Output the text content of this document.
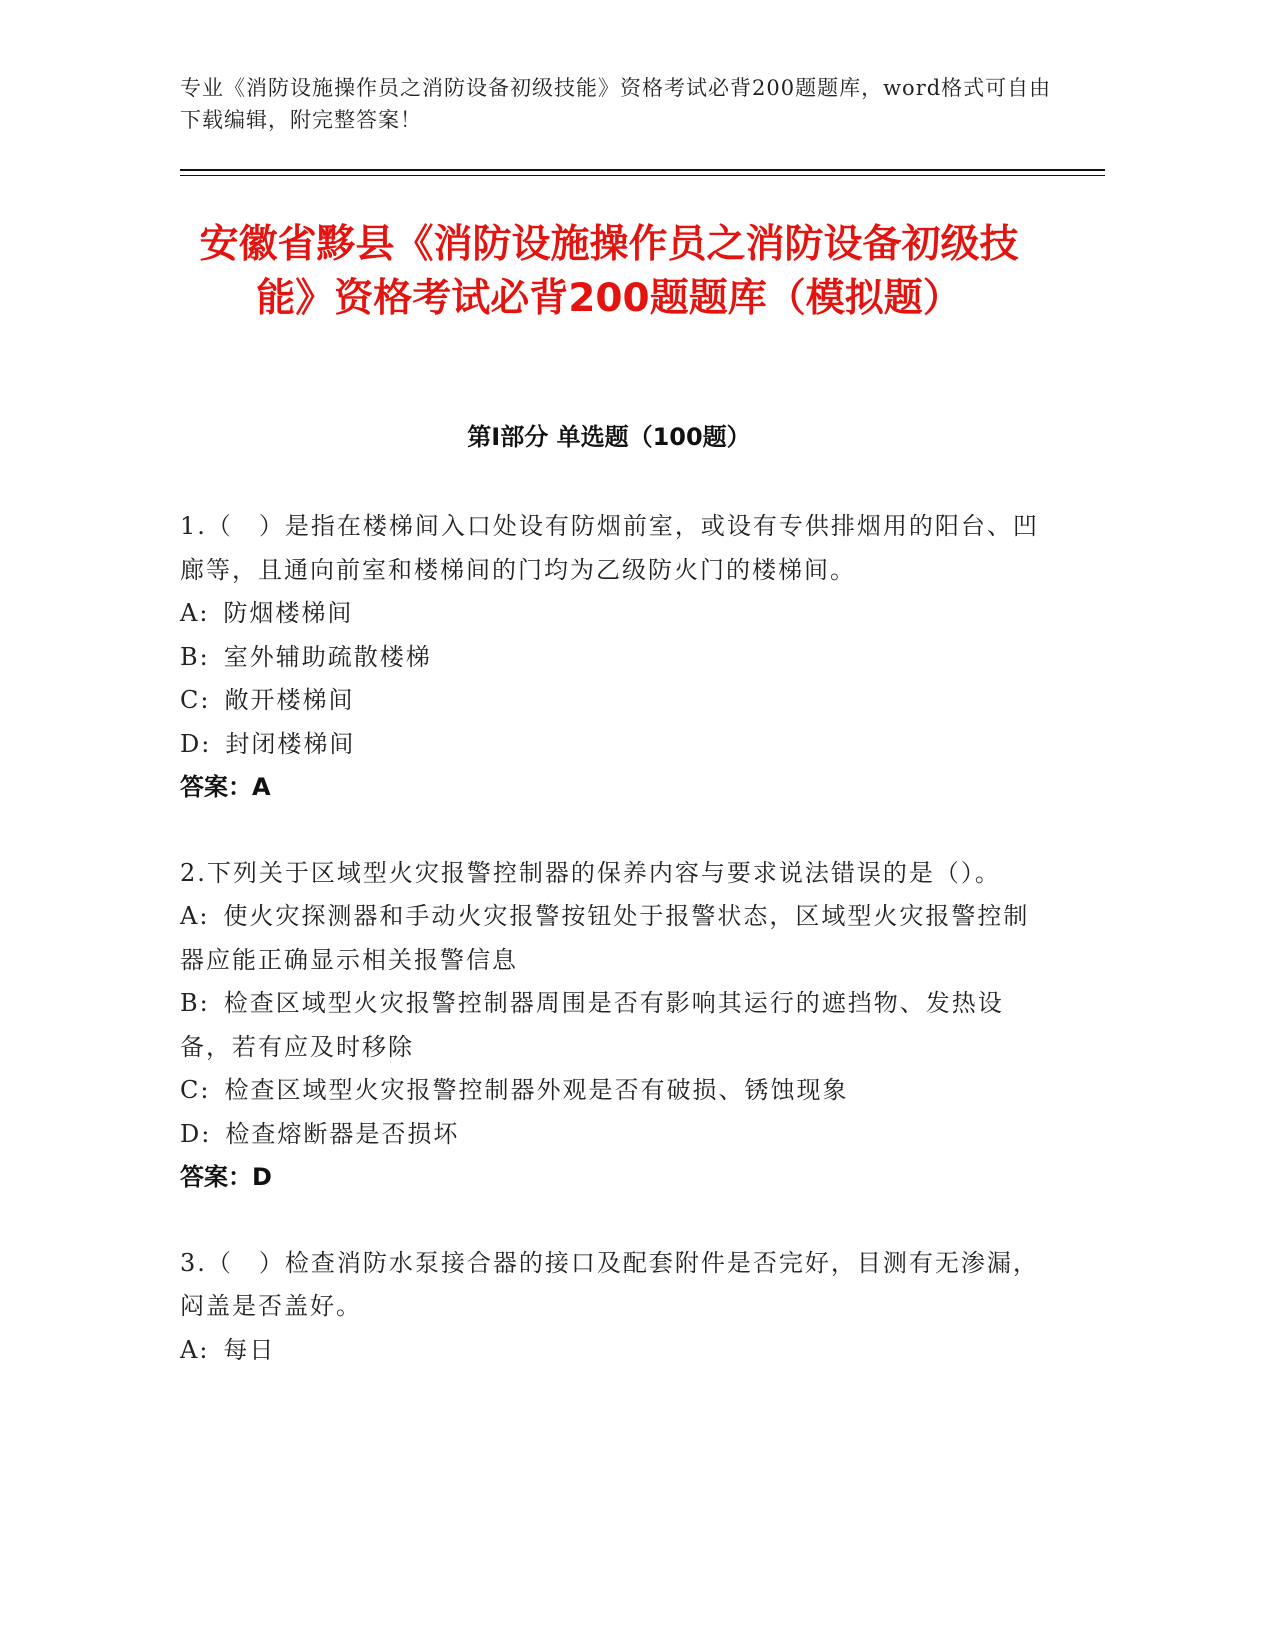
专业《消防设施操作员之消防设备初级技能》资格考试必背200题题库，word格式可自由下载编辑，附完整答案！
安徽省黟县《消防设施操作员之消防设备初级技能》资格考试必背200题题库（模拟题）
第Ⅰ部分 单选题（100题）

1.（　）是指在楼梯间入口处设有防烟前室，或设有专供排烟用的阳台、凹廊等，且通向前室和楼梯间的门均为乙级防火门的楼梯间。

A: 防烟楼梯间

B: 室外辅助疏散楼梯

C: 敞开楼梯间

D: 封闭楼梯间

答案：A

2.下列关于区域型火灾报警控制器的保养内容与要求说法错误的是（）。

A: 使火灾探测器和手动火灾报警按钮处于报警状态，区域型火灾报警控制器应能正确显示相关报警信息

B: 检查区域型火灾报警控制器周围是否有影响其运行的遮挡物、发热设备，若有应及时移除

C: 检查区域型火灾报警控制器外观是否有破损、锈蚀现象

D: 检查熔断器是否损坏

答案：D

3.（　）检查消防水泵接合器的接口及配套附件是否完好，目测有无渗漏，闷盖是否盖好。

A: 每日
